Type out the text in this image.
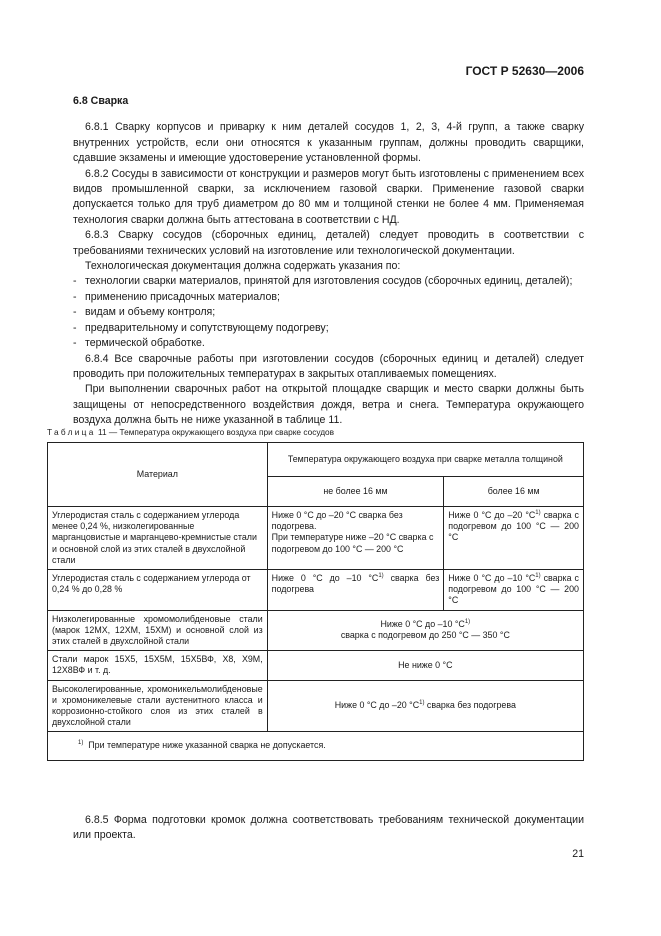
ГОСТ Р 52630—2006

6.8 Сварка

6.8.1 Сварку корпусов и приварку к ним деталей сосудов 1, 2, 3, 4-й групп, а также сварку внутренних устройств, если они относятся к указанным группам, должны проводить сварщики, сдавшие экзамены и имеющие удостоверение установленной формы.

6.8.2 Сосуды в зависимости от конструкции и размеров могут быть изготовлены с применением всех видов промышленной сварки, за исключением газовой сварки. Применение газовой сварки допускается только для труб диаметром до 80 мм и толщиной стенки не более 4 мм. Применяемая технология сварки должна быть аттестована в соответствии с НД.

6.8.3 Сварку сосудов (сборочных единиц, деталей) следует проводить в соответствии с требованиями технических условий на изготовление или технологической документации.

Технологическая документация должна содержать указания по:

- технологии сварки материалов, принятой для изготовления сосудов (сборочных единиц, деталей);

- применению присадочных материалов;

- видам и объему контроля;

- предварительному и сопутствующему подогреву;

- термической обработке.

6.8.4 Все сварочные работы при изготовлении сосудов (сборочных единиц и деталей) следует проводить при положительных температурах в закрытых отапливаемых помещениях.

При выполнении сварочных работ на открытой площадке сварщик и место сварки должны быть защищены от непосредственного воздействия дождя, ветра и снега. Температура окружающего воздуха должна быть не ниже указанной в таблице 11.

Таблица 11 — Температура окружающего воздуха при сварке сосудов
Материал	Температура окружающего воздуха при сварке металла толщиной	
	не более 16 мм	более 16 мм
Углеродистая сталь с содержанием углерода менее 0,24 %, низколегированные марганцовистые и марганцево-кремнистые стали и основной слой из этих сталей в двухслойной стали	Ниже 0 °С до –20 °С сварка без подогрева.
При температуре ниже –20 °С сварка с подогревом до 100 °С — 200 °С	Ниже 0 °С до –20 $^\circ С^{1)}$ сварка с подогревом до 100 °С — 200 °С
Углеродистая сталь с содержанием углерода от 0,24 % до 0,28 %	Ниже 0 °С до –10 $^\circ С^{1)}$ сварка без подогрева	Ниже 0 °С до –10 $^\circ С^{1)}$ сварка с подогревом до 100 °С — 200 °С
Низколегированные хромомолибденовые стали (марок 12МХ, 12ХМ, 15ХМ) и основной слой из этих сталей в двухслойной стали	Ниже 0 °С до –10 $^\circ С^{1)}$
сварка с подогревом до 250 °С — 350 °С	
Стали марок 15Х5, 15Х5М, 15Х5ВФ, Х8, Х9М, 12Х8ВФ и т. д.	Не ниже 0 °С	
Высоколегированные, хромоникельмолибденовые и хромоникелевые стали аустенитного класса и коррозионно-стойкого слоя из этих сталей в двухслойной стали	Ниже 0 °С до –20 $^\circ С^{1)}$ сварка без подогрева	
$^{1)}$ При температуре ниже указанной сварка не допускается.		

6.8.5 Форма подготовки кромок должна соответствовать требованиям технической документации или проекта.

21
